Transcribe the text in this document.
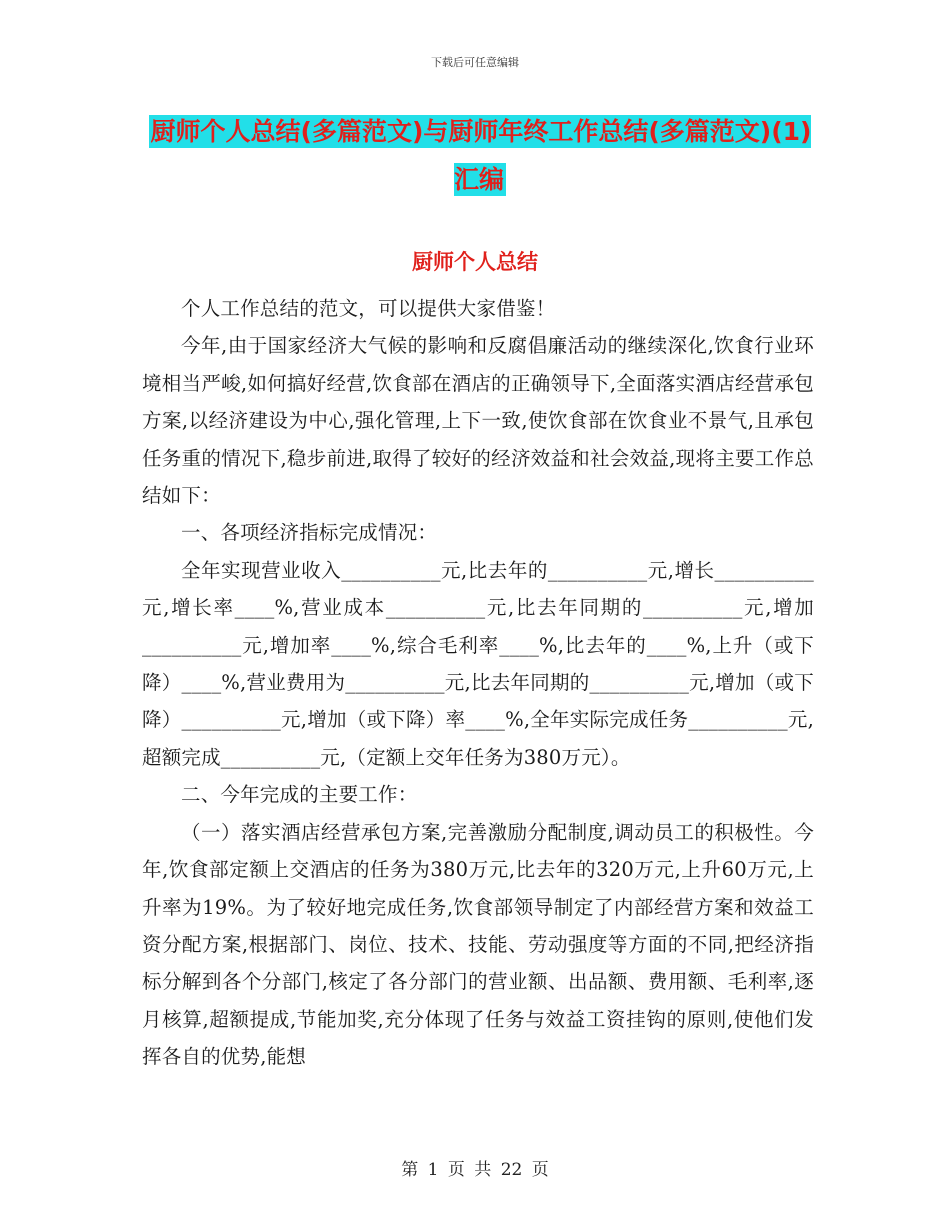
下载后可任意编辑
厨师个人总结(多篇范文)与厨师年终工作总结(多篇范文)(1)汇编
厨师个人总结

个人工作总结的范文，可以提供大家借鉴！

今年,由于国家经济大气候的影响和反腐倡廉活动的继续深化,饮食行业环境相当严峻,如何搞好经营,饮食部在酒店的正确领导下,全面落实酒店经营承包方案,以经济建设为中心,强化管理,上下一致,使饮食部在饮食业不景气,且承包任务重的情况下,稳步前进,取得了较好的经济效益和社会效益,现将主要工作总结如下：

一、各项经济指标完成情况：

全年实现营业收入__________元,比去年的__________元,增长__________元,增长率____%,营业成本__________元,比去年同期的__________元,增加__________元,增加率____%,综合毛利率____%,比去年的____%,上升（或下降）____%,营业费用为__________元,比去年同期的__________元,增加（或下降）__________元,增加（或下降）率____%,全年实际完成任务__________元,超额完成__________元,（定额上交年任务为380万元）。

二、今年完成的主要工作：

（一）落实酒店经营承包方案,完善激励分配制度,调动员工的积极性。今年,饮食部定额上交酒店的任务为380万元,比去年的320万元,上升60万元,上升率为19%。为了较好地完成任务,饮食部领导制定了内部经营方案和效益工资分配方案,根据部门、岗位、技术、技能、劳动强度等方面的不同,把经济指标分解到各个分部门,核定了各分部门的营业额、出品额、费用额、毛利率,逐月核算,超额提成,节能加奖,充分体现了任务与效益工资挂钩的原则,使他们发挥各自的优势,能想

第 1 页 共 22 页
